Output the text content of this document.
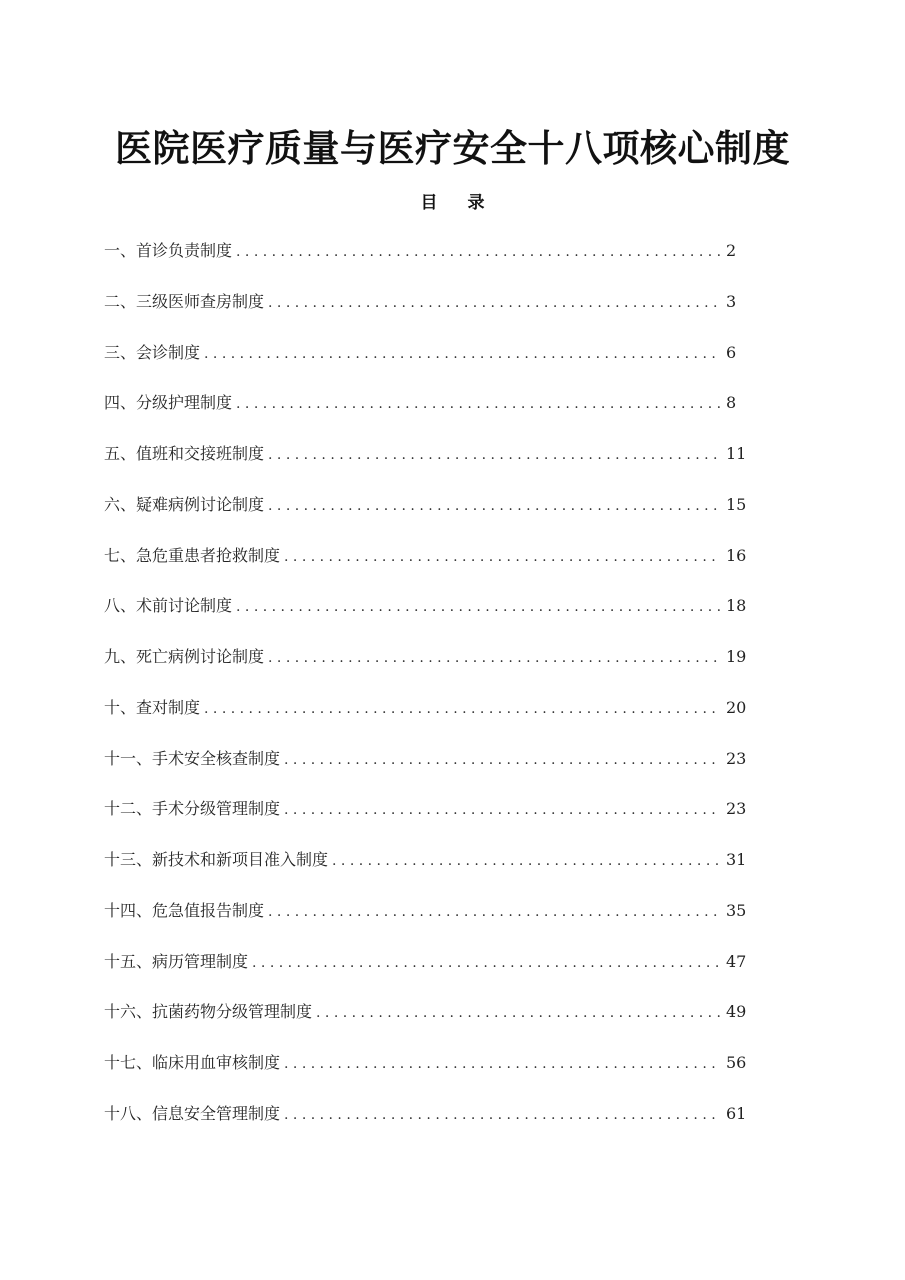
医院医疗质量与医疗安全十八项核心制度
目 录
一、首诊负责制度 . . .	2
二、三级医师查房制度 . . .	3
三、会诊制度 . . .	6
四、分级护理制度 . . .	8
五、值班和交接班制度 . . .	11
六、疑难病例讨论制度 . . .	15
七、急危重患者抢救制度 . . .	16
八、术前讨论制度 . . .	18
九、死亡病例讨论制度 . . .	19
十、查对制度 . . .	20
十一、手术安全核查制度 . . .	23
十二、手术分级管理制度 . . .	23
十三、新技术和新项目准入制度 . . .	31
十四、危急值报告制度 . . .	35
十五、病历管理制度 . . .	47
十六、抗菌药物分级管理制度 . . .	49
十七、临床用血审核制度 . . .	56
十八、信息安全管理制度 . . .	61
